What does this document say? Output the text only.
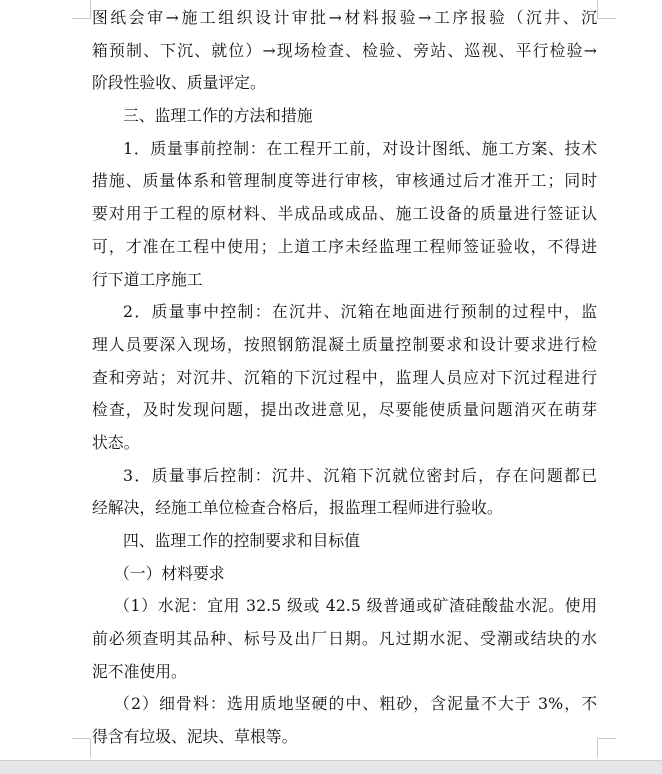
图纸会审→施工组织设计审批→材料报验→工序报验（沉井、沉
箱预制、下沉、就位）→现场检查、检验、旁站、巡视、平行检验→
阶段性验收、质量评定。
三、监理工作的方法和措施
1．质量事前控制：在工程开工前，对设计图纸、施工方案、技术
措施、质量体系和管理制度等进行审核，审核通过后才准开工；同时
要对用于工程的原材料、半成品或成品、施工设备的质量进行签证认
可，才准在工程中使用；上道工序未经监理工程师签证验收，不得进
行下道工序施工
2．质量事中控制：在沉井、沉箱在地面进行预制的过程中，监
理人员要深入现场，按照钢筋混凝土质量控制要求和设计要求进行检
查和旁站；对沉井、沉箱的下沉过程中，监理人员应对下沉过程进行
检查，及时发现问题，提出改进意见，尽要能使质量问题消灭在萌芽
状态。
3．质量事后控制：沉井、沉箱下沉就位密封后，存在问题都已
经解决，经施工单位检查合格后，报监理工程师进行验收。
四、监理工作的控制要求和目标值
（一）材料要求
（1）水泥：宜用 32.5 级或 42.5 级普通或矿渣硅酸盐水泥。使用
前必须查明其品种、标号及出厂日期。凡过期水泥、受潮或结块的水
泥不准使用。
（2）细骨料：选用质地坚硬的中、粗砂，含泥量不大于 3%，不
得含有垃圾、泥块、草根等。
